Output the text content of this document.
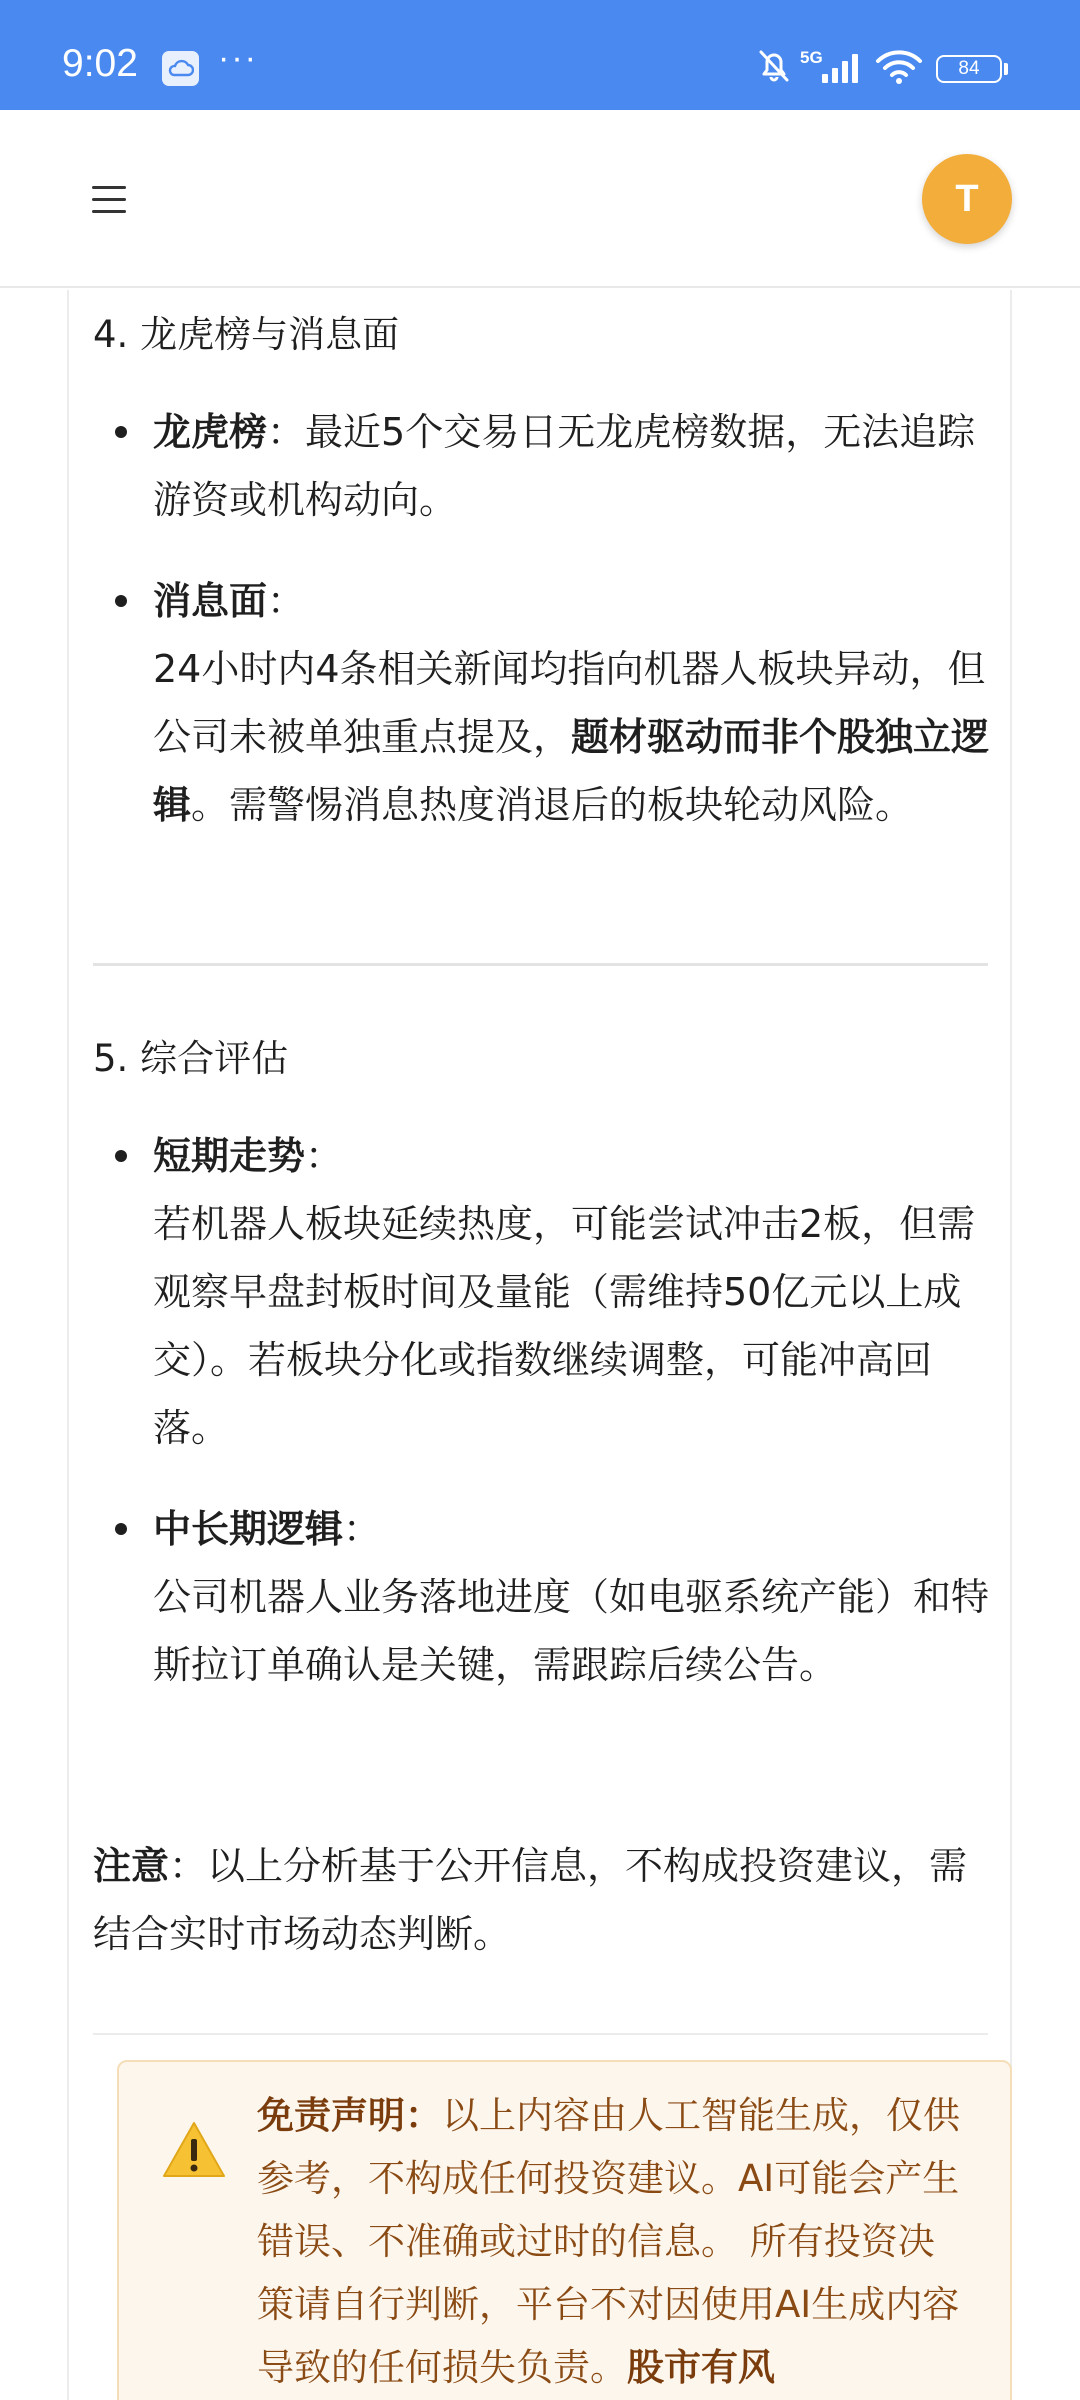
9:02 ···	5G
84
T
4. 龙虎榜与消息面
龙虎榜：最近5个交易日无龙虎榜数据，无法追踪游资或机构动向。
消息面：
24小时内4条相关新闻均指向机器人板块异动，但公司未被单独重点提及，题材驱动而非个股独立逻辑。需警惕消息热度消退后的板块轮动风险。
5. 综合评估
短期走势：
若机器人板块延续热度，可能尝试冲击2板，但需观察早盘封板时间及量能（需维持50亿元以上成交）。若板块分化或指数继续调整，可能冲高回落。
中长期逻辑：
公司机器人业务落地进度（如电驱系统产能）和特斯拉订单确认是关键，需跟踪后续公告。
注意：以上分析基于公开信息，不构成投资建议，需结合实时市场动态判断。
免责声明：以上内容由人工智能生成，仅供参考，不构成任何投资建议。AI可能会产生错误、不准确或过时的信息。 所有投资决策请自行判断，平台不对因使用AI生成内容导致的任何损失负责。股市有风
